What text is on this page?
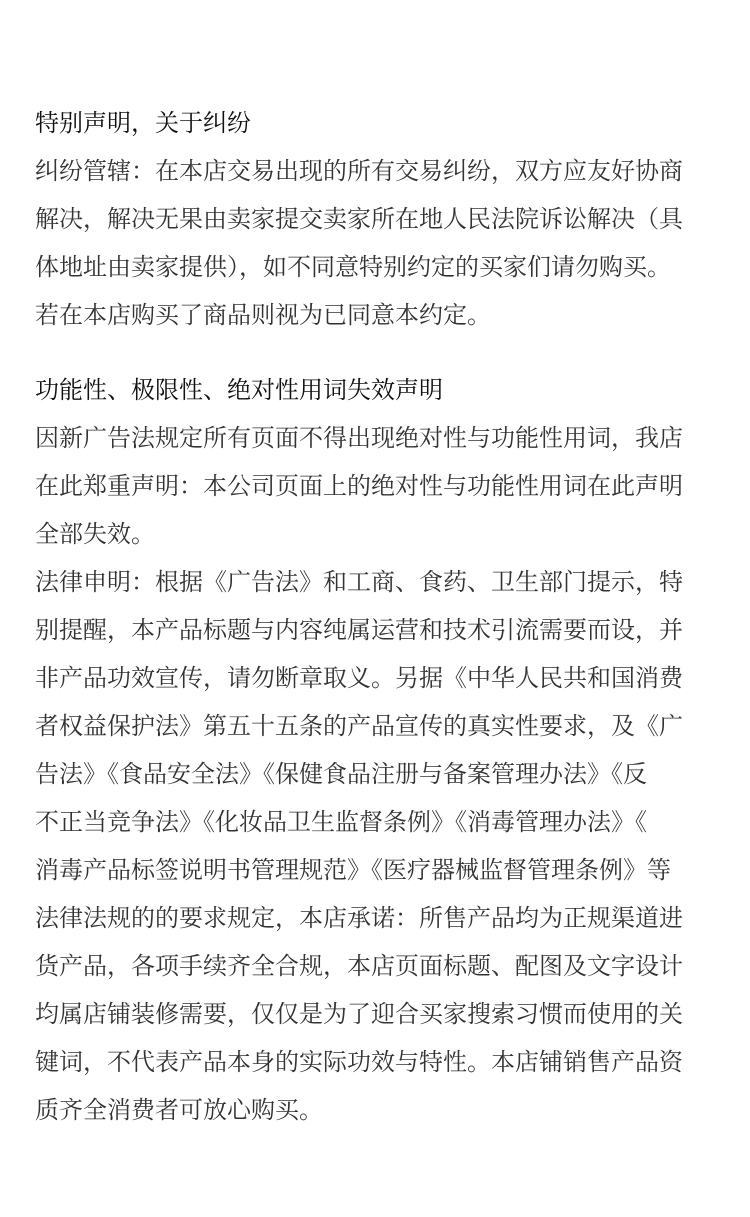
特别声明，关于纠纷
纠纷管辖：在本店交易出现的所有交易纠纷，双方应友好协商
解决，解决无果由卖家提交卖家所在地人民法院诉讼解决（具
体地址由卖家提供），如不同意特别约定的买家们请勿购买。
若在本店购买了商品则视为已同意本约定。
功能性、极限性、绝对性用词失效声明
因新广告法规定所有页面不得出现绝对性与功能性用词，我店
在此郑重声明：本公司页面上的绝对性与功能性用词在此声明
全部失效。
法律申明：根据《广告法》和工商、食药、卫生部门提示，特
别提醒，本产品标题与内容纯属运营和技术引流需要而设，并
非产品功效宣传，请勿断章取义。另据《中华人民共和国消费
者权益保护法》第五十五条的产品宣传的真实性要求，及《广
告法》《食品安全法》《保健食品注册与备案管理办法》《反
不正当竞争法》《化妆品卫生监督条例》《消毒管理办法》《
消毒产品标签说明书管理规范》《医疗器械监督管理条例》等
法律法规的的要求规定，本店承诺：所售产品均为正规渠道进
货产品，各项手续齐全合规，本店页面标题、配图及文字设计
均属店铺装修需要，仅仅是为了迎合买家搜索习惯而使用的关
键词，不代表产品本身的实际功效与特性。本店铺销售产品资
质齐全消费者可放心购买。
